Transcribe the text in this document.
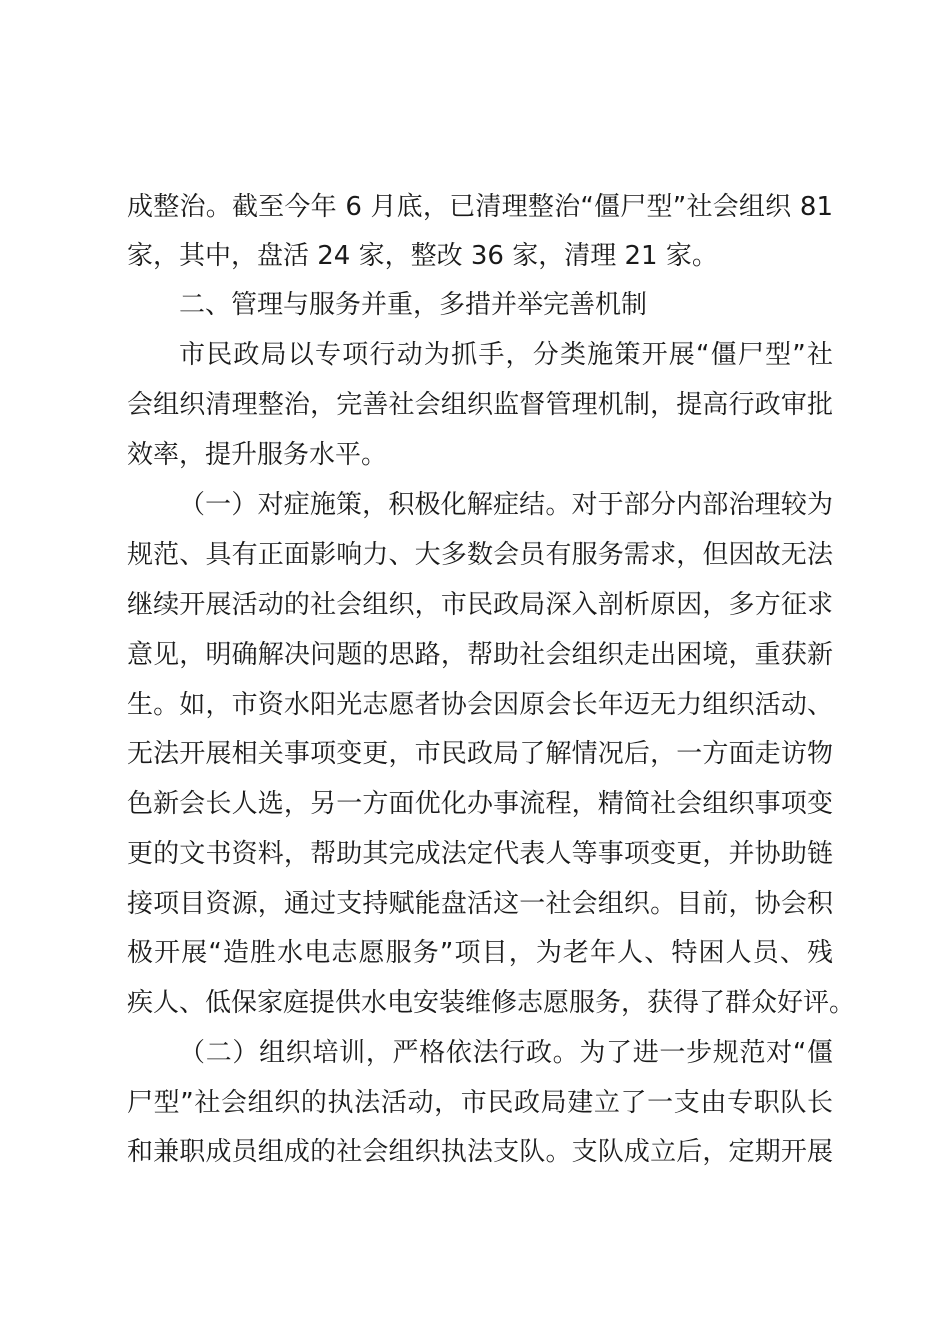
成整治。截至今年 6 月底，已清理整治“僵尸型”社会组织 81
家，其中，盘活 24 家，整改 36 家，清理 21 家。
二、管理与服务并重，多措并举完善机制
市民政局以专项行动为抓手，分类施策开展“僵尸型”社
会组织清理整治，完善社会组织监督管理机制，提高行政审批
效率，提升服务水平。
（一）对症施策，积极化解症结。对于部分内部治理较为
规范、具有正面影响力、大多数会员有服务需求，但因故无法
继续开展活动的社会组织，市民政局深入剖析原因，多方征求
意见，明确解决问题的思路，帮助社会组织走出困境，重获新
生。如，市资水阳光志愿者协会因原会长年迈无力组织活动、
无法开展相关事项变更，市民政局了解情况后，一方面走访物
色新会长人选，另一方面优化办事流程，精简社会组织事项变
更的文书资料，帮助其完成法定代表人等事项变更，并协助链
接项目资源，通过支持赋能盘活这一社会组织。目前，协会积
极开展“造胜水电志愿服务”项目，为老年人、特困人员、残
疾人、低保家庭提供水电安装维修志愿服务，获得了群众好评。
（二）组织培训，严格依法行政。为了进一步规范对“僵
尸型”社会组织的执法活动，市民政局建立了一支由专职队长
和兼职成员组成的社会组织执法支队。支队成立后，定期开展
